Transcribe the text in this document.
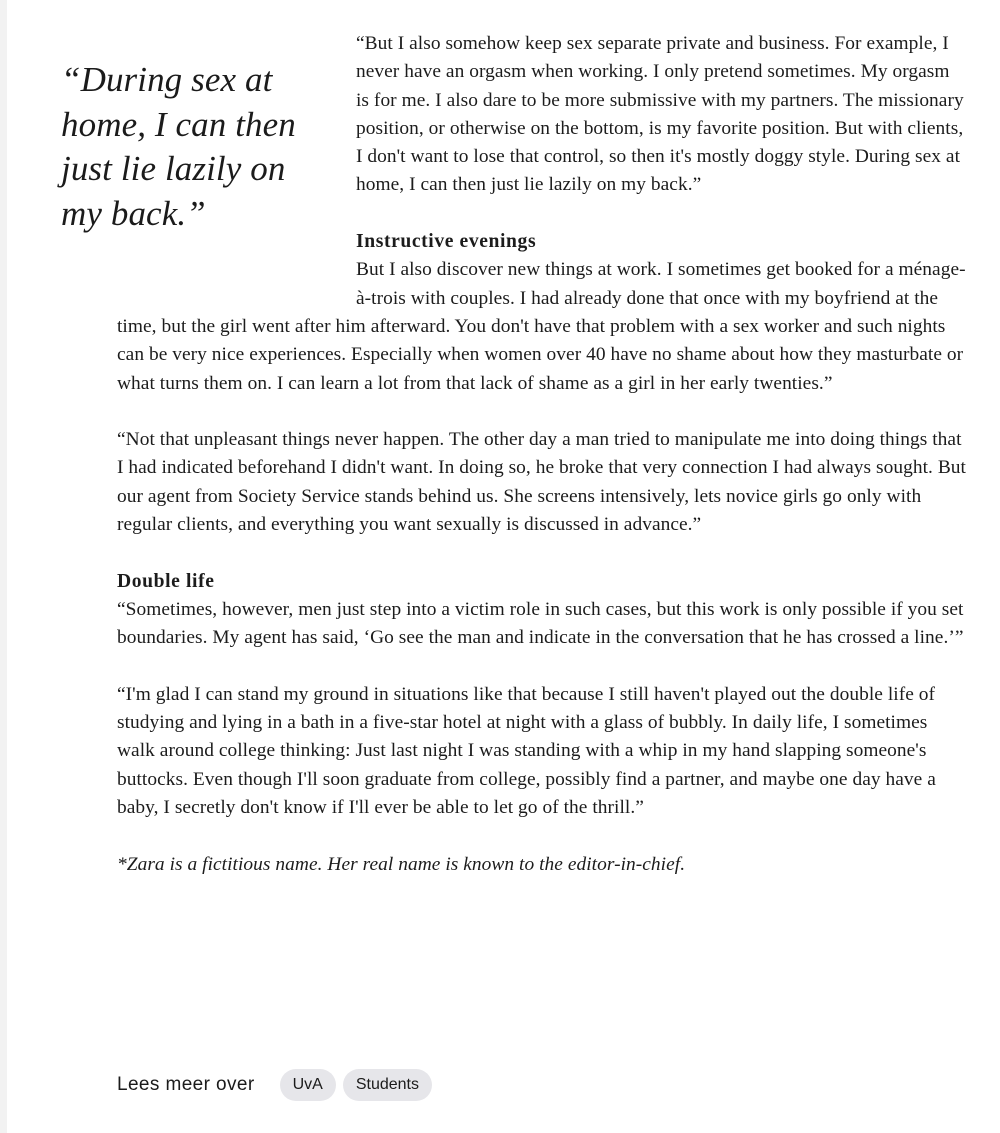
“During sex at home, I can then just lie lazily on my back.”

“But I also somehow keep sex separate private and business. For example, I never have an orgasm when working. I only pretend sometimes. My orgasm is for me. I also dare to be more submissive with my partners. The missionary position, or otherwise on the bottom, is my favorite position. But with clients, I don't want to lose that control, so then it's mostly doggy style. During sex at home, I can then just lie lazily on my back.”

Instructive evenings

But I also discover new things at work. I sometimes get booked for a ménage-à-trois with couples. I had already done that once with my boyfriend at the time, but the girl went after him afterward. You don't have that problem with a sex worker and such nights can be very nice experiences. Especially when women over 40 have no shame about how they masturbate or what turns them on. I can learn a lot from that lack of shame as a girl in her early twenties.”

“Not that unpleasant things never happen. The other day a man tried to manipulate me into doing things that I had indicated beforehand I didn't want. In doing so, he broke that very connection I had always sought. But our agent from Society Service stands behind us. She screens intensively, lets novice girls go only with regular clients, and everything you want sexually is discussed in advance.”

Double life

“Sometimes, however, men just step into a victim role in such cases, but this work is only possible if you set boundaries. My agent has said, ‘Go see the man and indicate in the conversation that he has crossed a line.’”

“I'm glad I can stand my ground in situations like that because I still haven't played out the double life of studying and lying in a bath in a five-star hotel at night with a glass of bubbly. In daily life, I sometimes walk around college thinking: Just last night I was standing with a whip in my hand slapping someone's buttocks. Even though I'll soon graduate from college, possibly find a partner, and maybe one day have a baby, I secretly don't know if I'll ever be able to let go of the thrill.”

*Zara is a fictitious name. Her real name is known to the editor-in-chief.

Lees meer over	UvA	Students
